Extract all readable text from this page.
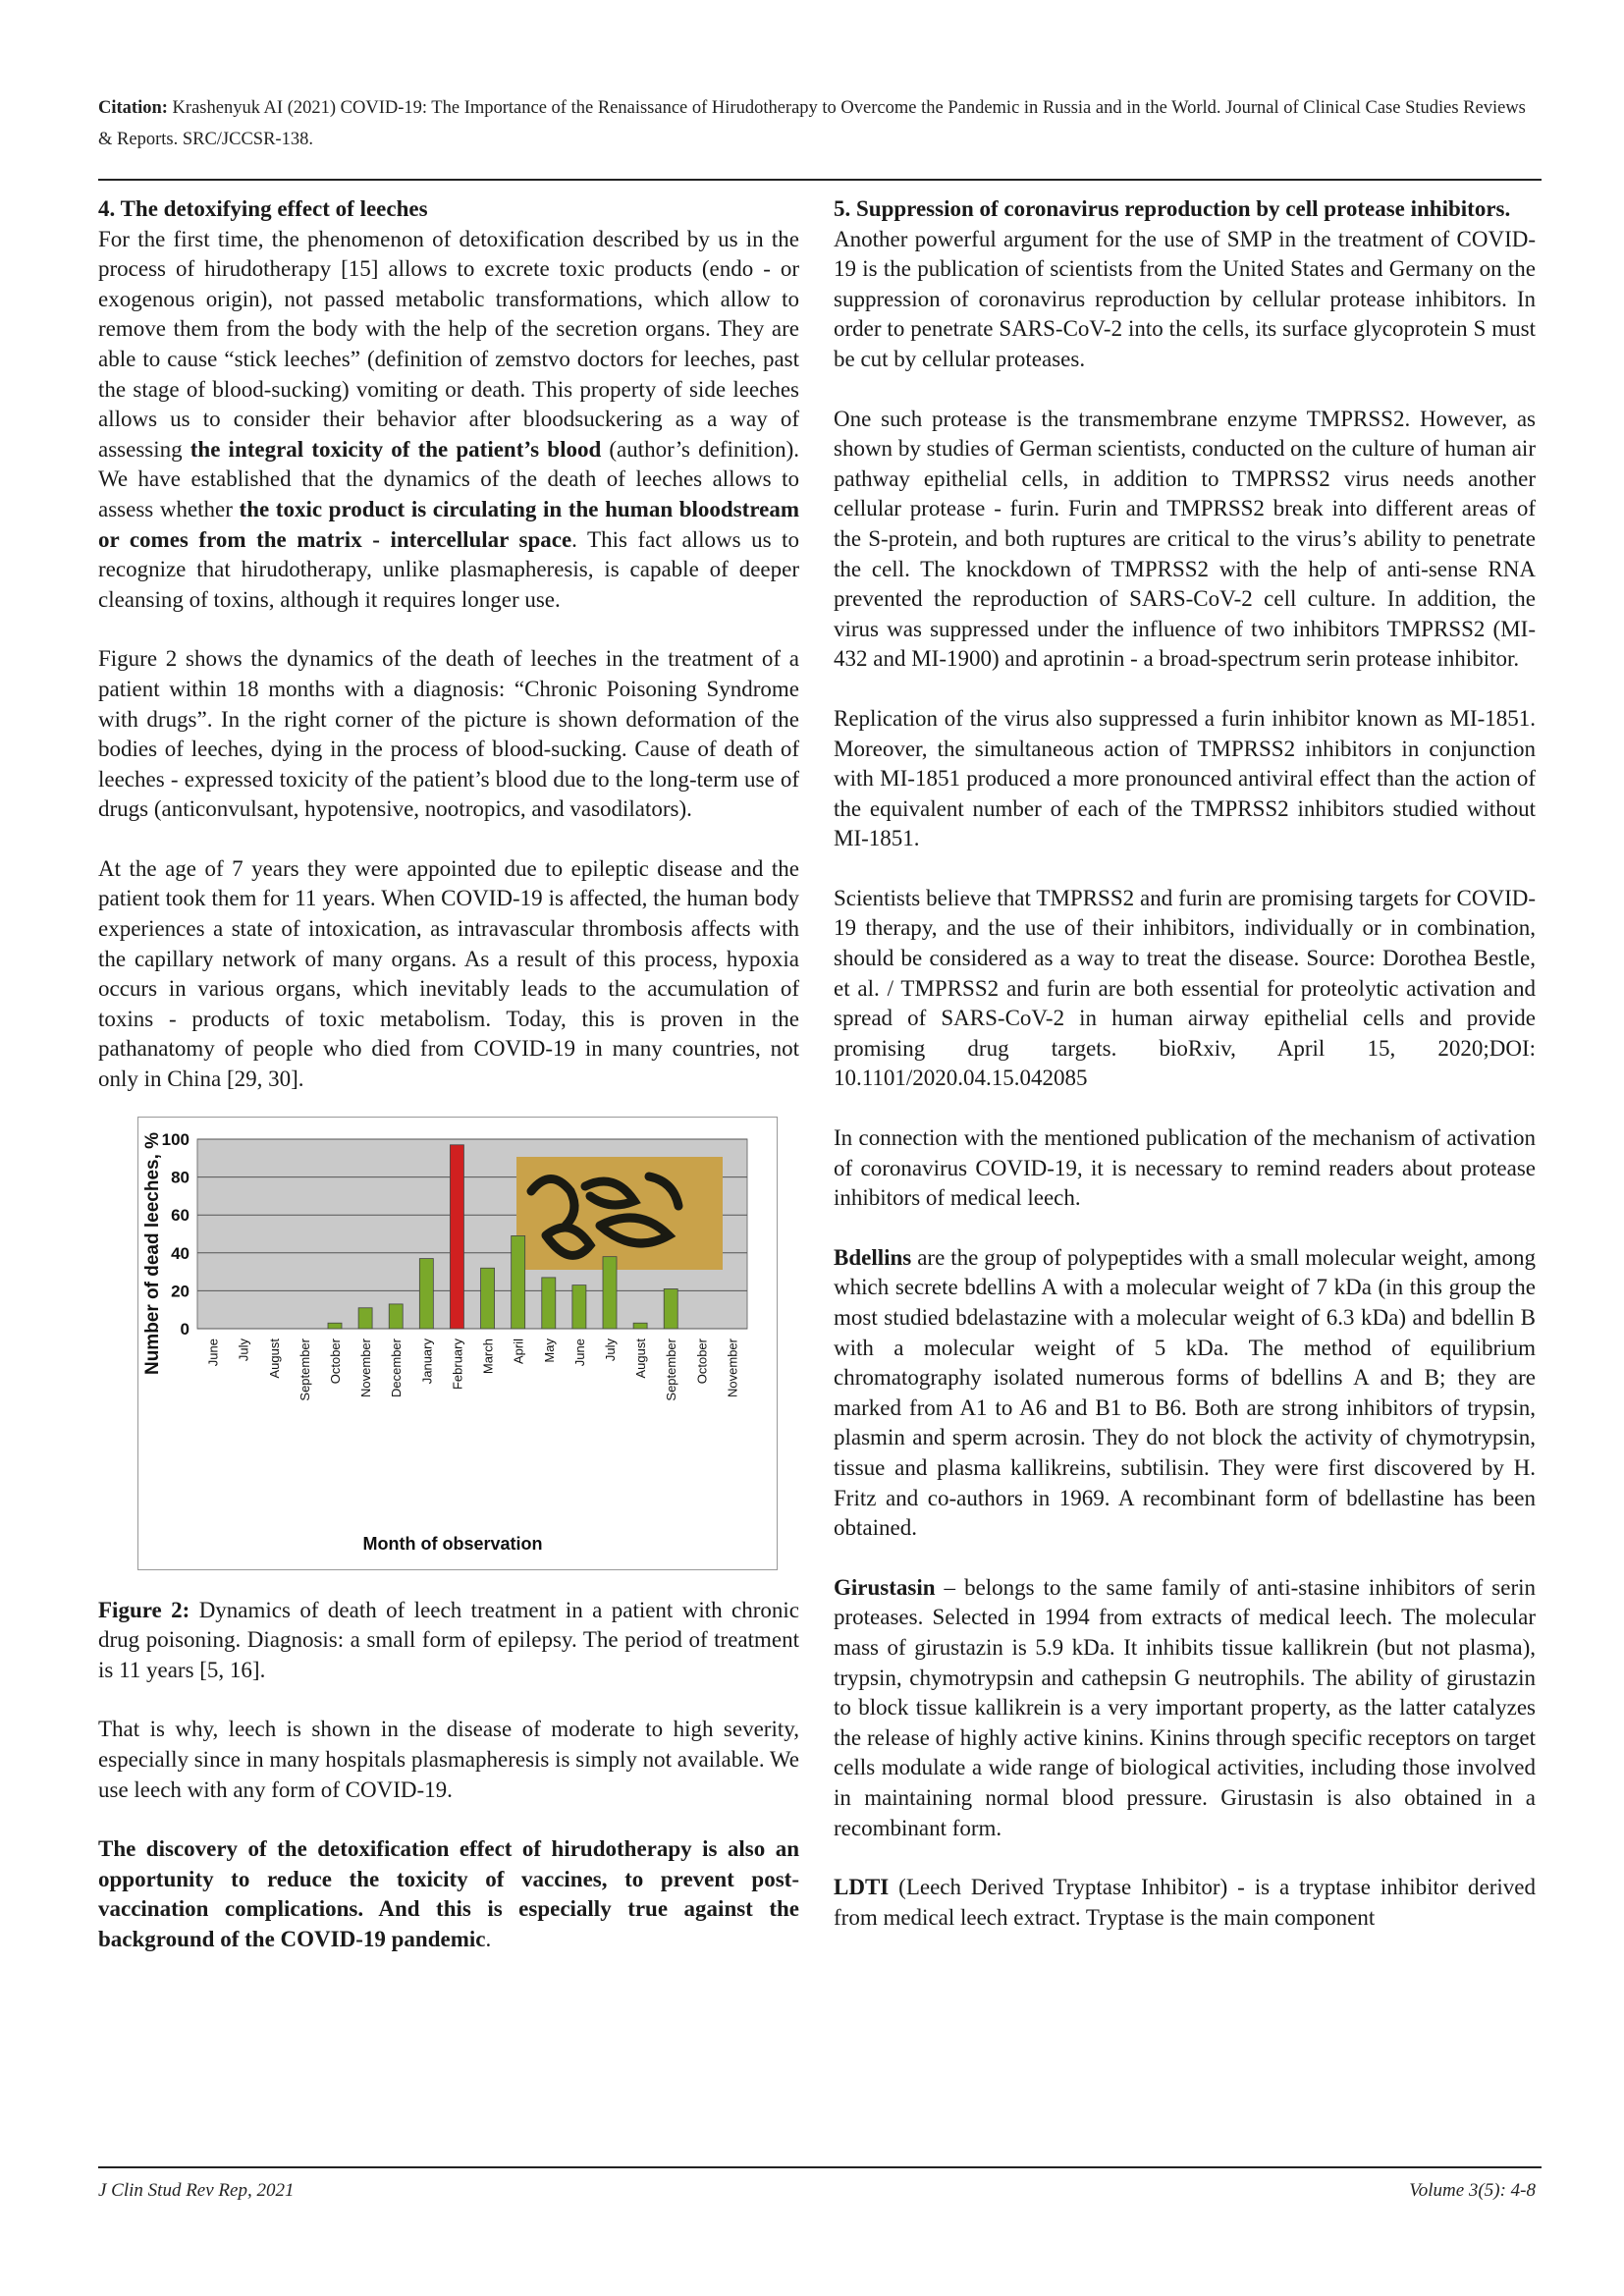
Citation: Krashenyuk AI (2021) COVID-19: The Importance of the Renaissance of Hirudotherapy to Overcome the Pandemic in Russia and in the World. Journal of Clinical Case Studies Reviews & Reports. SRC/JCCSR-138.

4. The detoxifying effect of leeches

For the first time, the phenomenon of detoxification described by us in the process of hirudotherapy [15] allows to excrete toxic products (endo - or exogenous origin), not passed metabolic transformations, which allow to remove them from the body with the help of the secretion organs. They are able to cause “stick leeches” (definition of zemstvo doctors for leeches, past the stage of blood-sucking) vomiting or death. This property of side leeches allows us to consider their behavior after bloodsuckering as a way of assessing the integral toxicity of the patient’s blood (author’s definition). We have established that the dynamics of the death of leeches allows to assess whether the toxic product is circulating in the human bloodstream or comes from the matrix - intercellular space. This fact allows us to recognize that hirudotherapy, unlike plasmapheresis, is capable of deeper cleansing of toxins, although it requires longer use.

Figure 2 shows the dynamics of the death of leeches in the treatment of a patient within 18 months with a diagnosis: “Chronic Poisoning Syndrome with drugs”. In the right corner of the picture is shown deformation of the bodies of leeches, dying in the process of blood-sucking. Cause of death of leeches - expressed toxicity of the patient’s blood due to the long-term use of drugs (anticonvulsant, hypotensive, nootropics, and vasodilators).

At the age of 7 years they were appointed due to epileptic disease and the patient took them for 11 years. When COVID-19 is affected, the human body experiences a state of intoxication, as intravascular thrombosis affects with the capillary network of many organs. As a result of this process, hypoxia occurs in various organs, which inevitably leads to the accumulation of toxins - products of toxic metabolism. Today, this is proven in the pathanatomy of people who died from COVID-19 in many countries, not only in China [29, 30].

0
20
40
60
80
100
June July August September October November December January February March April May June July August September October November
Number of dead leeches, %
Month of observation

Figure 2: Dynamics of death of leech treatment in a patient with chronic drug poisoning. Diagnosis: a small form of epilepsy. The period of treatment is 11 years [5, 16].

That is why, leech is shown in the disease of moderate to high severity, especially since in many hospitals plasmapheresis is simply not available. We use leech with any form of COVID-19.

The discovery of the detoxification effect of hirudotherapy is also an opportunity to reduce the toxicity of vaccines, to prevent post-vaccination complications. And this is especially true against the background of the COVID-19 pandemic.

5. Suppression of coronavirus reproduction by cell protease inhibitors.

Another powerful argument for the use of SMP in the treatment of COVID-19 is the publication of scientists from the United States and Germany on the suppression of coronavirus reproduction by cellular protease inhibitors. In order to penetrate SARS-CoV-2 into the cells, its surface glycoprotein S must be cut by cellular proteases.

One such protease is the transmembrane enzyme TMPRSS2. However, as shown by studies of German scientists, conducted on the culture of human air pathway epithelial cells, in addition to TMPRSS2 virus needs another cellular protease - furin. Furin and TMPRSS2 break into different areas of the S-protein, and both ruptures are critical to the virus’s ability to penetrate the cell. The knockdown of TMPRSS2 with the help of anti-sense RNA prevented the reproduction of SARS-CoV-2 cell culture. In addition, the virus was suppressed under the influence of two inhibitors TMPRSS2 (MI-432 and MI-1900) and aprotinin - a broad-spectrum serin protease inhibitor.

Replication of the virus also suppressed a furin inhibitor known as MI-1851. Moreover, the simultaneous action of TMPRSS2 inhibitors in conjunction with MI-1851 produced a more pronounced antiviral effect than the action of the equivalent number of each of the TMPRSS2 inhibitors studied without MI-1851.

Scientists believe that TMPRSS2 and furin are promising targets for COVID-19 therapy, and the use of their inhibitors, individually or in combination, should be considered as a way to treat the disease. Source: Dorothea Bestle, et al. / TMPRSS2 and furin are both essential for proteolytic activation and spread of SARS-CoV-2 in human airway epithelial cells and provide promising drug targets. bioRxiv, April 15, 2020;DOI: 10.1101/2020.04.15.042085

In connection with the mentioned publication of the mechanism of activation of coronavirus COVID-19, it is necessary to remind readers about protease inhibitors of medical leech.

Bdellins are the group of polypeptides with a small molecular weight, among which secrete bdellins A with a molecular weight of 7 kDa (in this group the most studied bdelastazine with a molecular weight of 6.3 kDa) and bdellin B with a molecular weight of 5 kDa. The method of equilibrium chromatography isolated numerous forms of bdellins A and B; they are marked from A1 to A6 and B1 to B6. Both are strong inhibitors of trypsin, plasmin and sperm acrosin. They do not block the activity of chymotrypsin, tissue and plasma kallikreins, subtilisin. They were first discovered by H. Fritz and co-authors in 1969. A recombinant form of bdellastine has been obtained.

Girustasin – belongs to the same family of anti-stasine inhibitors of serin proteases. Selected in 1994 from extracts of medical leech. The molecular mass of girustazin is 5.9 kDa. It inhibits tissue kallikrein (but not plasma), trypsin, chymotrypsin and cathepsin G neutrophils. The ability of girustazin to block tissue kallikrein is a very important property, as the latter catalyzes the release of highly active kinins. Kinins through specific receptors on target cells modulate a wide range of biological activities, including those involved in maintaining normal blood pressure. Girustasin is also obtained in a recombinant form.

LDTI (Leech Derived Tryptase Inhibitor) - is a tryptase inhibitor derived from medical leech extract. Tryptase is the main component

J Clin Stud Rev Rep, 2021	Volume 3(5): 4-8
